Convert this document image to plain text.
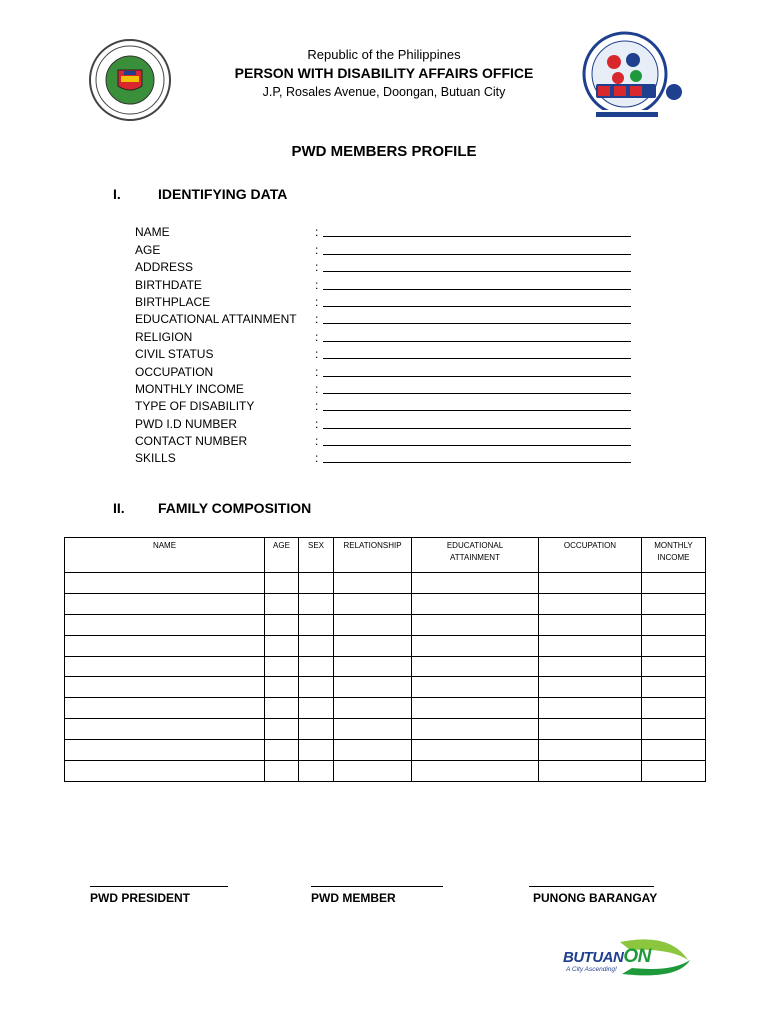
Republic of the Philippines
PERSON WITH DISABILITY AFFAIRS OFFICE
J.P, Rosales Avenue, Doongan, Butuan City
PWD MEMBERS PROFILE
I.	IDENTIFYING DATA
NAME	:
AGE	:
ADDRESS	:
BIRTHDATE	:
BIRTHPLACE	:
EDUCATIONAL ATTAINMENT	:
RELIGION	:
CIVIL STATUS	:
OCCUPATION	:
MONTHLY INCOME	:
TYPE OF DISABILITY	:
PWD I.D NUMBER	:
CONTACT NUMBER	:
SKILLS	:
II. FAMILY COMPOSITION
NAME	AGE	SEX	RELATIONSHIP	EDUCATIONAL ATTAINMENT	OCCUPATION	MONTHLY INCOME

PWD PRESIDENT	PWD MEMBER	PUNONG BARANGAY
BUTUANON
A City Ascending!
